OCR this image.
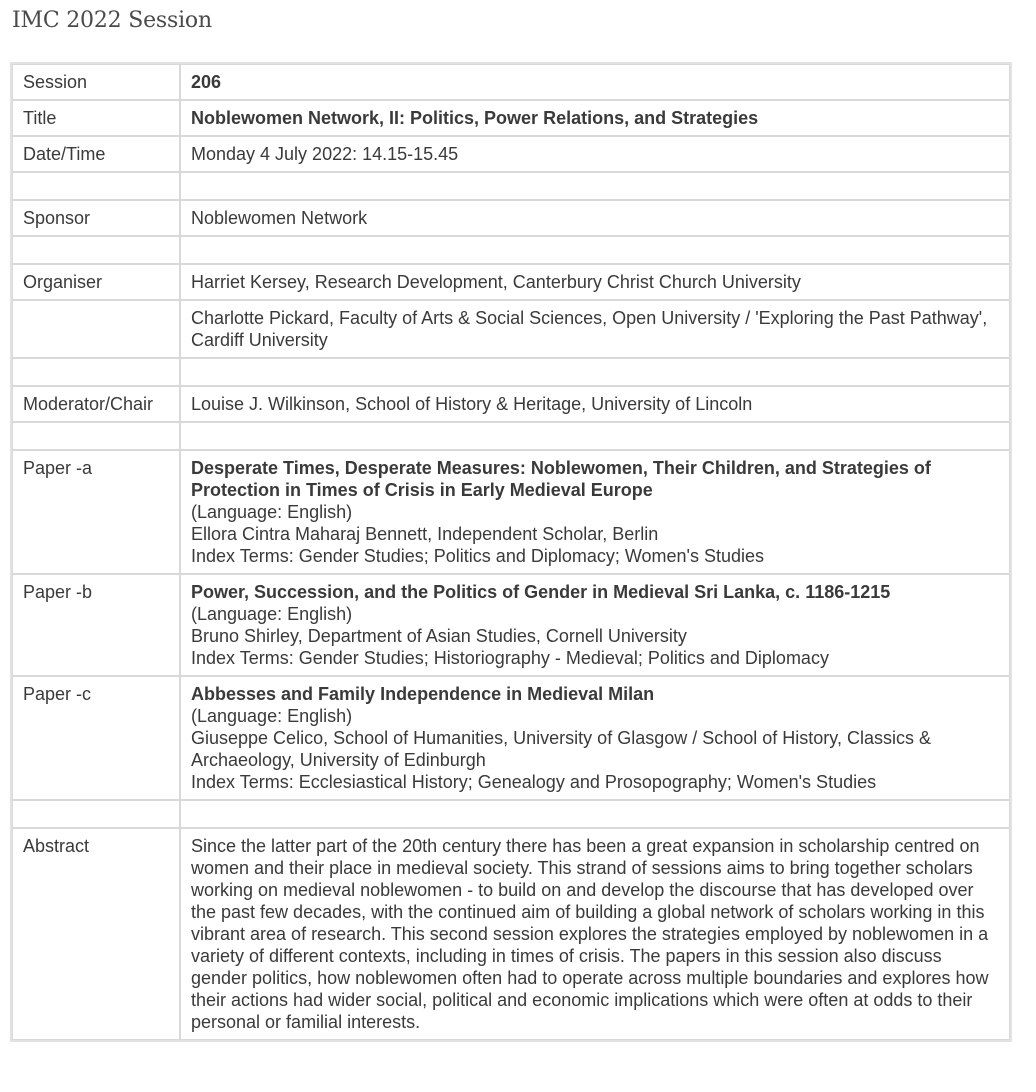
IMC 2022 Session
Session	206
Title	Noblewomen Network, II: Politics, Power Relations, and Strategies
Date/Time	Monday 4 July 2022: 14.15-15.45

Sponsor	Noblewomen Network

Organiser	Harriet Kersey, Research Development, Canterbury Christ Church University
	Charlotte Pickard, Faculty of Arts & Social Sciences, Open University / 'Exploring the Past Pathway', Cardiff University

Moderator/Chair	Louise J. Wilkinson, School of History & Heritage, University of Lincoln

Paper -a	Desperate Times, Desperate Measures: Noblewomen, Their Children, and Strategies of Protection in Times of Crisis in Early Medieval Europe
(Language: English)
Ellora Cintra Maharaj Bennett, Independent Scholar, Berlin
Index Terms: Gender Studies; Politics and Diplomacy; Women's Studies

Paper -b	Power, Succession, and the Politics of Gender in Medieval Sri Lanka, c. 1186-1215
(Language: English)
Bruno Shirley, Department of Asian Studies, Cornell University
Index Terms: Gender Studies; Historiography - Medieval; Politics and Diplomacy

Paper -c	Abbesses and Family Independence in Medieval Milan
(Language: English)
Giuseppe Celico, School of Humanities, University of Glasgow / School of History, Classics & Archaeology, University of Edinburgh
Index Terms: Ecclesiastical History; Genealogy and Prosopography; Women's Studies

Abstract	Since the latter part of the 20th century there has been a great expansion in scholarship centred on women and their place in medieval society. This strand of sessions aims to bring together scholars working on medieval noblewomen - to build on and develop the discourse that has developed over the past few decades, with the continued aim of building a global network of scholars working in this vibrant area of research. This second session explores the strategies employed by noblewomen in a variety of different contexts, including in times of crisis. The papers in this session also discuss gender politics, how noblewomen often had to operate across multiple boundaries and explores how their actions had wider social, political and economic implications which were often at odds to their personal or familial interests.
